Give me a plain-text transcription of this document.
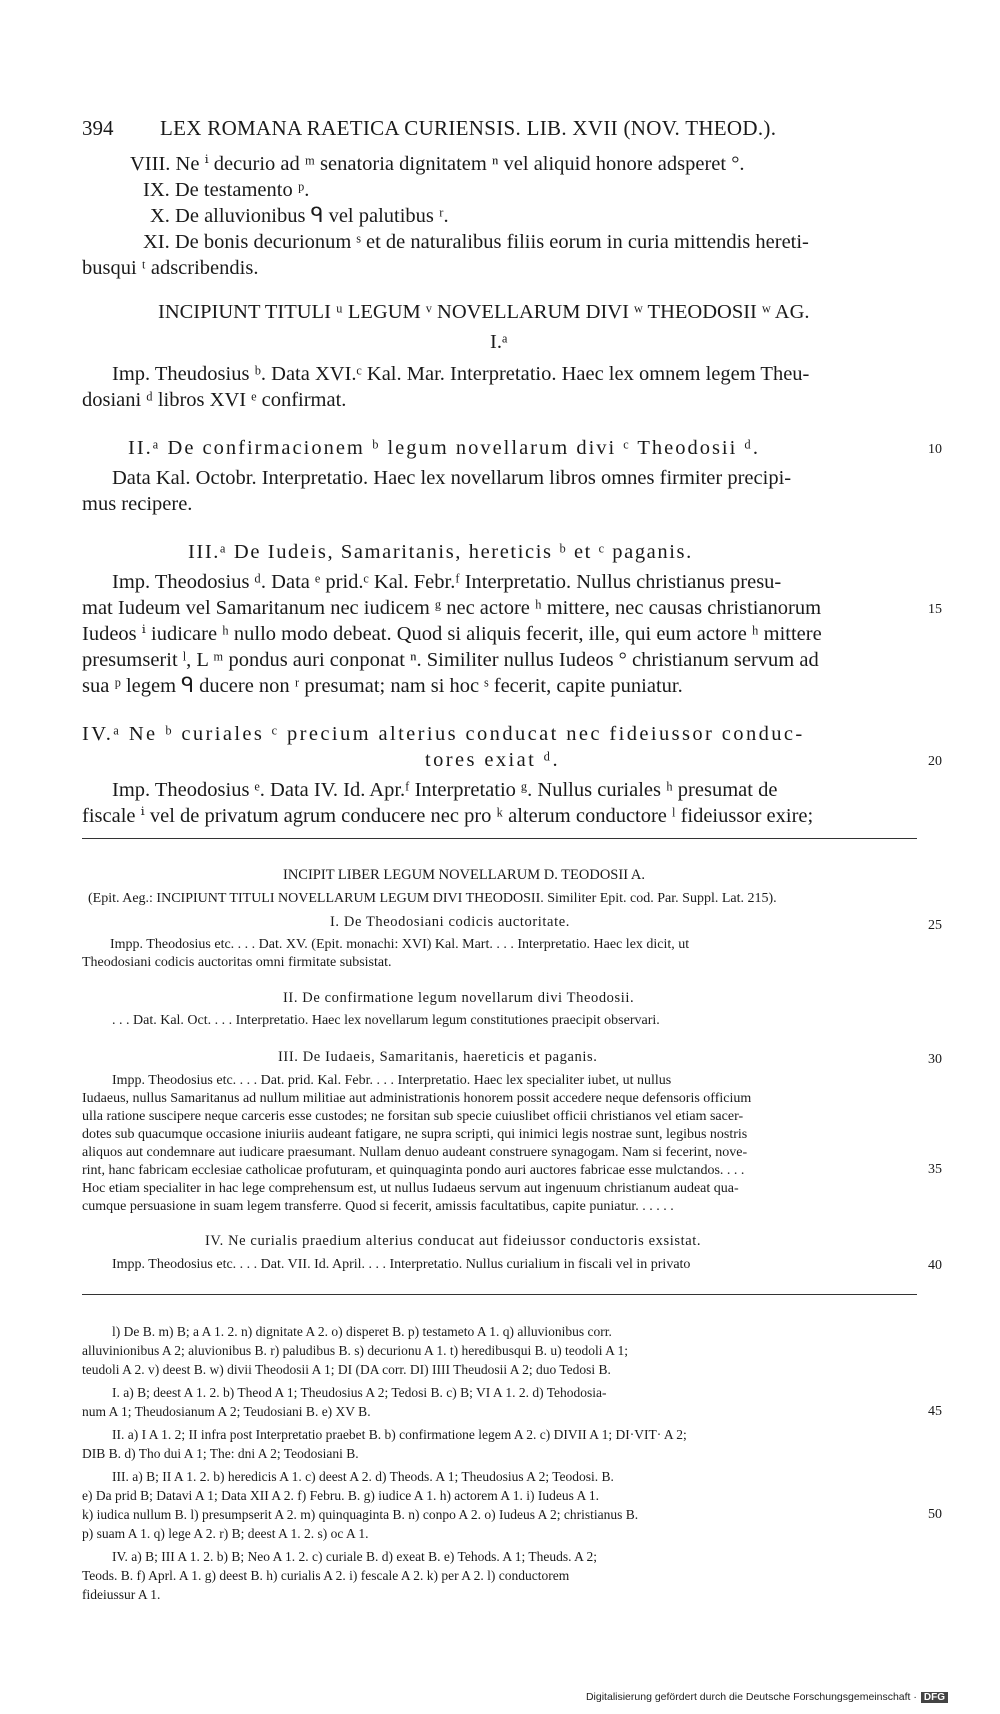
394 LEX ROMANA RAETICA CURIENSIS. LIB. XVII (NOV. THEOD.).
VIII. Ne ⁱ decurio ad ᵐ senatoria dignitatem ⁿ vel aliquid honore adsperet °.
IX. De testamento ᵖ.
X. De alluvionibus ᑫ vel palutibus ʳ.
XI. De bonis decurionum ˢ et de naturalibus filiis eorum in curia mittendis hereti-
busqui ᵗ adscribendis.
INCIPIUNT TITULI ᵘ LEGUM ᵛ NOVELLARUM DIVI ʷ THEODOSII ʷ AG.
I.ᵃ
Imp. Theudosius ᵇ. Data XVI.ᶜ Kal. Mar. Interpretatio. Haec lex omnem legem Theu-
dosiani ᵈ libros XVI ᵉ confirmat.
II.ᵃ De confirmacionem ᵇ legum novellarum divi ᶜ Theodosii ᵈ.	10
Data Kal. Octobr. Interpretatio. Haec lex novellarum libros omnes firmiter precipi-
mus recipere.
III.ᵃ De Iudeis, Samaritanis, hereticis ᵇ et ᶜ paganis.
Imp. Theodosius ᵈ. Data ᵉ prid.ᶜ Kal. Febr.ᶠ Interpretatio. Nullus christianus presu-
mat Iudeum vel Samaritanum nec iudicem ᵍ nec actore ʰ mittere, nec causas christianorum	15
Iudeos ⁱ iudicare ʰ nullo modo debeat. Quod si aliquis fecerit, ille, qui eum actore ʰ mittere
presumserit ˡ, L ᵐ pondus auri conponat ⁿ. Similiter nullus Iudeos ° christianum servum ad
sua ᵖ legem ᑫ ducere non ʳ presumat; nam si hoc ˢ fecerit, capite puniatur.
IV.ᵃ Ne ᵇ curiales ᶜ precium alterius conducat nec fideiussor conduc-
tores exiat ᵈ.	20
Imp. Theodosius ᵉ. Data IV. Id. Apr.ᶠ Interpretatio ᵍ. Nullus curiales ʰ presumat de
fiscale ⁱ vel de privatum agrum conducere nec pro ᵏ alterum conductore ˡ fideiussor exire;
INCIPIT LIBER LEGUM NOVELLARUM D. TEODOSII A.
(Epit. Aeg.: INCIPIUNT TITULI NOVELLARUM LEGUM DIVI THEODOSII. Similiter Epit. cod. Par. Suppl. Lat. 215).
I. De Theodosiani codicis auctoritate.	25
Impp. Theodosius etc. . . . Dat. XV. (Epit. monachi: XVI) Kal. Mart. . . . Interpretatio. Haec lex dicit, ut
Theodosiani codicis auctoritas omni firmitate subsistat.
II. De confirmatione legum novellarum divi Theodosii.
. . . Dat. Kal. Oct. . . . Interpretatio. Haec lex novellarum legum constitutiones praecipit observari.
III. De Iudaeis, Samaritanis, haereticis et paganis.	30
Impp. Theodosius etc. . . . Dat. prid. Kal. Febr. . . . Interpretatio. Haec lex specialiter iubet, ut nullus
Iudaeus, nullus Samaritanus ad nullum militiae aut administrationis honorem possit accedere neque defensoris officium
ulla ratione suscipere neque carceris esse custodes; ne forsitan sub specie cuiuslibet officii christianos vel etiam sacer-
dotes sub quacumque occasione iniuriis audeant fatigare, ne supra scripti, qui inimici legis nostrae sunt, legibus nostris
aliquos aut condemnare aut iudicare praesumant. Nullam denuo audeant construere synagogam. Nam si fecerint, nove-
rint, hanc fabricam ecclesiae catholicae profuturam, et quinquaginta pondo auri auctores fabricae esse mulctandos. . . .	35
Hoc etiam specialiter in hac lege comprehensum est, ut nullus Iudaeus servum aut ingenuum christianum audeat qua-
cumque persuasione in suam legem transferre. Quod si fecerit, amissis facultatibus, capite puniatur. . . . . .
IV. Ne curialis praedium alterius conducat aut fideiussor conductoris exsistat.
Impp. Theodosius etc. . . . Dat. VII. Id. April. . . . Interpretatio. Nullus curialium in fiscali vel in privato	40
l) De B. m) B; a A 1. 2. n) dignitate A 2. o) disperet B. p) testameto A 1. q) alluvionibus corr.
alluvinionibus A 2; aluvionibus B. r) paludibus B. s) decurionu A 1. t) heredibusqui B. u) teodoli A 1;
teudoli A 2. v) deest B. w) divii Theodosii A 1; DI (DA corr. DI) IIII Theudosii A 2; duo Tedosi B.
I. a) B; deest A 1. 2. b) Theod A 1; Theudosius A 2; Tedosi B. c) B; VI A 1. 2. d) Tehodosia-
num A 1; Theudosianum A 2; Teudosiani B. e) XV B.	45
II. a) I A 1. 2; II infra post Interpretatio praebet B. b) confirmatione legem A 2. c) DIVII A 1; DI·VIT· A 2;
DIB B. d) Tho dui A 1; The: dni A 2; Teodosiani B.
III. a) B; II A 1. 2. b) heredicis A 1. c) deest A 2. d) Theods. A 1; Theudosius A 2; Teodosi. B.
e) Da prid B; Datavi A 1; Data XII A 2. f) Febru. B. g) iudice A 1. h) actorem A 1. i) Iudeus A 1.
k) iudica nullum B. l) presumpserit A 2. m) quinquaginta B. n) conpo A 2. o) Iudeus A 2; christianus B.	50
p) suam A 1. q) lege A 2. r) B; deest A 1. 2. s) oc A 1.
IV. a) B; III A 1. 2. b) B; Neo A 1. 2. c) curiale B. d) exeat B. e) Tehods. A 1; Theuds. A 2;
Teods. B. f) Aprl. A 1. g) deest B. h) curialis A 2. i) fescale A 2. k) per A 2. l) conductorem
fideiussur A 1.
Digitalisierung gefördert durch die Deutsche Forschungsgemeinschaft · DFG
